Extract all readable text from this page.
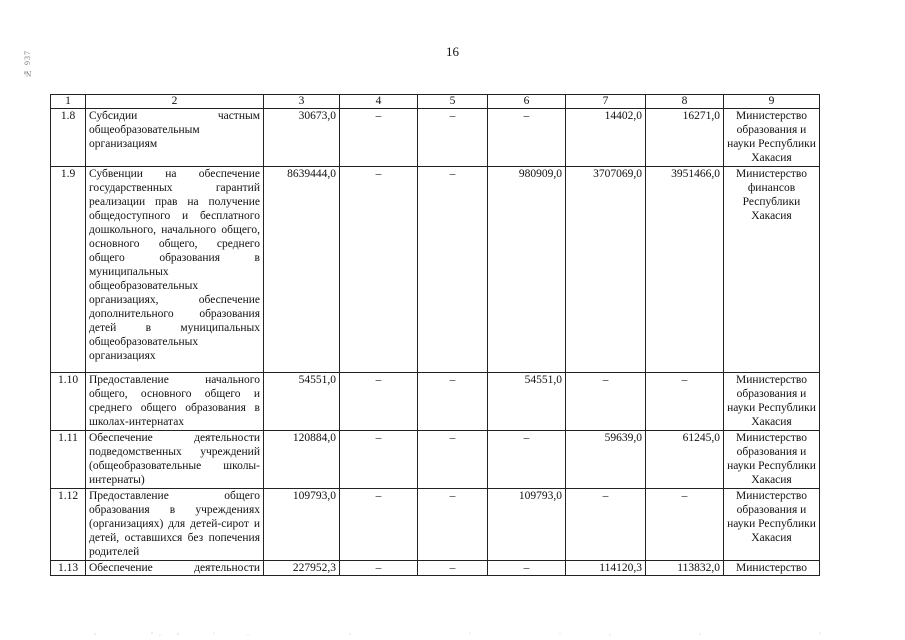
№ 937	16
1	2	3	4	5	6	7	8	9
1.8	Субсидии частным общеобразовательным организациям	30673,0	–	–	–	14402,0	16271,0	Министерство образования и науки Республики Хакасия
1.9	Субвенции на обеспечение государственных гарантий реализации прав на получение общедоступного и бесплатного дошкольного, начального общего, основного общего, среднего общего образования в муниципальных общеобразовательных организациях, обеспечение дополнительного образования детей в муниципальных общеобразовательных организациях	8639444,0	–	–	980909,0	3707069,0	3951466,0	Министерство финансов Республики Хакасия
1.10	Предоставление начального общего, основного общего и среднего общего образования в школах-интернатах	54551,0	–	–	54551,0	–	–	Министерство образования и науки Республики Хакасия
1.11	Обеспечение деятельности подведомственных учреждений (общеобразовательные школы-интернаты)	120884,0	–	–	–	59639,0	61245,0	Министерство образования и науки Республики Хакасия
1.12	Предоставление общего образования в учреждениях (организациях) для детей-сирот и детей, оставшихся без попечения родителей	109793,0	–	–	109793,0	–	–	Министерство образования и науки Республики Хакасия
1.13	Обеспечение деятельности	227952,3	–	–	–	114120,3	113832,0	Министерство
